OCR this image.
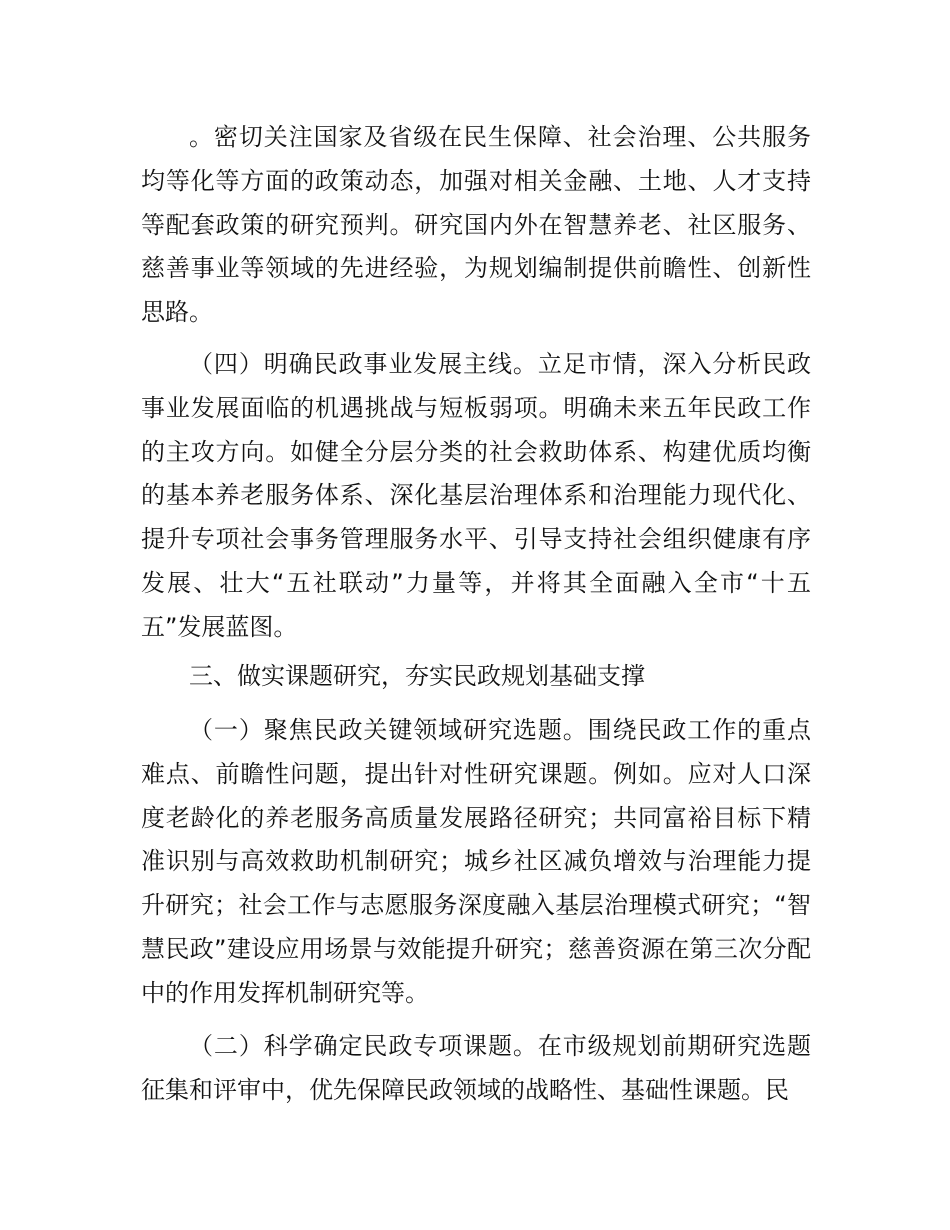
。密切关注国家及省级在民生保障、社会治理、公共服务均等化等方面的政策动态，加强对相关金融、土地、人才支持等配套政策的研究预判。研究国内外在智慧养老、社区服务、慈善事业等领域的先进经验，为规划编制提供前瞻性、创新性思路。

（四）明确民政事业发展主线。立足市情，深入分析民政事业发展面临的机遇挑战与短板弱项。明确未来五年民政工作的主攻方向。如健全分层分类的社会救助体系、构建优质均衡的基本养老服务体系、深化基层治理体系和治理能力现代化、提升专项社会事务管理服务水平、引导支持社会组织健康有序发展、壮大“五社联动”力量等，并将其全面融入全市“十五五”发展蓝图。

三、做实课题研究，夯实民政规划基础支撑

（一）聚焦民政关键领域研究选题。围绕民政工作的重点难点、前瞻性问题，提出针对性研究课题。例如。应对人口深度老龄化的养老服务高质量发展路径研究；共同富裕目标下精准识别与高效救助机制研究；城乡社区减负增效与治理能力提升研究；社会工作与志愿服务深度融入基层治理模式研究；“智慧民政”建设应用场景与效能提升研究；慈善资源在第三次分配中的作用发挥机制研究等。

（二）科学确定民政专项课题。在市级规划前期研究选题征集和评审中，优先保障民政领域的战略性、基础性课题。民
